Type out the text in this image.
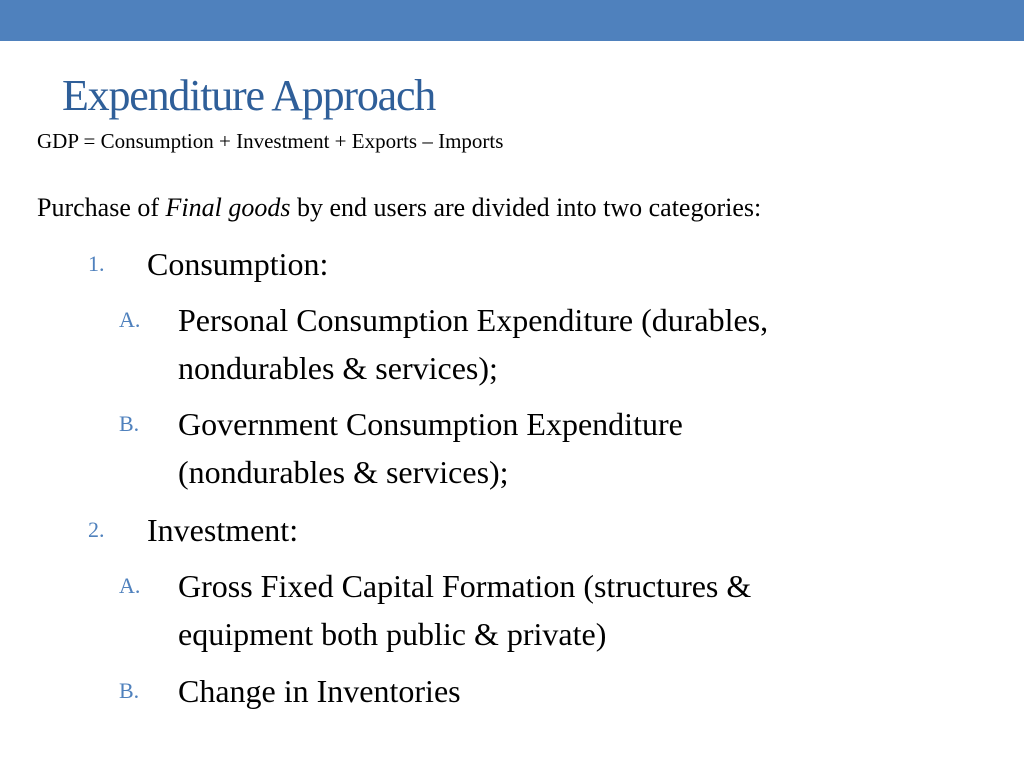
Expenditure Approach
GDP = Consumption + Investment + Exports – Imports
Purchase of Final goods by end users are divided into two categories:
1. Consumption:
A. Personal Consumption Expenditure (durables,
nondurables & services);
B. Government Consumption Expenditure
(nondurables & services);
2. Investment:
A. Gross Fixed Capital Formation (structures &
equipment both public & private)
B. Change in Inventories
